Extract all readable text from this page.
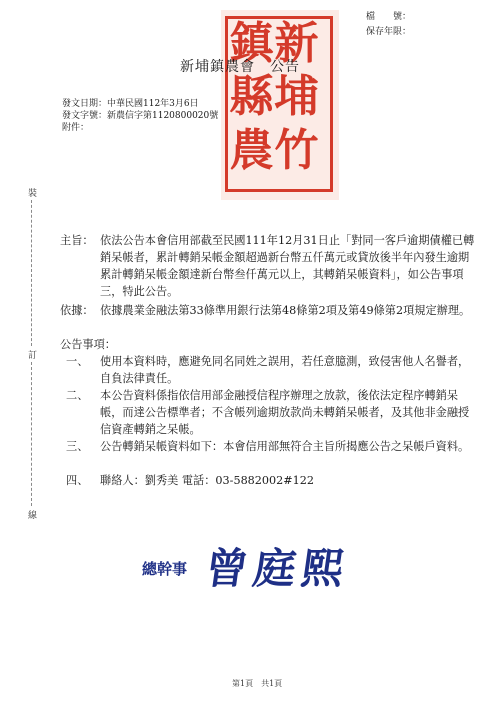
檔　　號：
保存年限：
新
埔
竹
鎮
縣
農
新埔鎮農會　公告
發文日期：中華民國112年3月6日
發文字號：新農信字第1120800020號
附件：
裝
訂
線
主旨： 依法公告本會信用部截至民國111年12月31日止「對同一客戶逾期債權已轉銷呆帳者，累計轉銷呆帳金額超過新台幣五仟萬元或貸放後半年內發生逾期累計轉銷呆帳金額達新台幣叁仟萬元以上，其轉銷呆帳資料」，如公告事項三，特此公告。
依據： 依據農業金融法第33條準用銀行法第48條第2項及第49條第2項規定辦理。
公告事項：
一、 使用本資料時，應避免同名同姓之誤用，若任意臆測，致侵害他人名譽者，自負法律責任。
二、 本公告資料係指依信用部金融授信程序辦理之放款，後依法定程序轉銷呆帳，而達公告標準者；不含帳列逾期放款尚未轉銷呆帳者，及其他非金融授信資產轉銷之呆帳。
三、 公告轉銷呆帳資料如下：本會信用部無符合主旨所揭應公告之呆帳戶資料。
四、 聯絡人：劉秀美 電話：03-5882002#122
總幹事 曾庭熙
第1頁　共1頁
